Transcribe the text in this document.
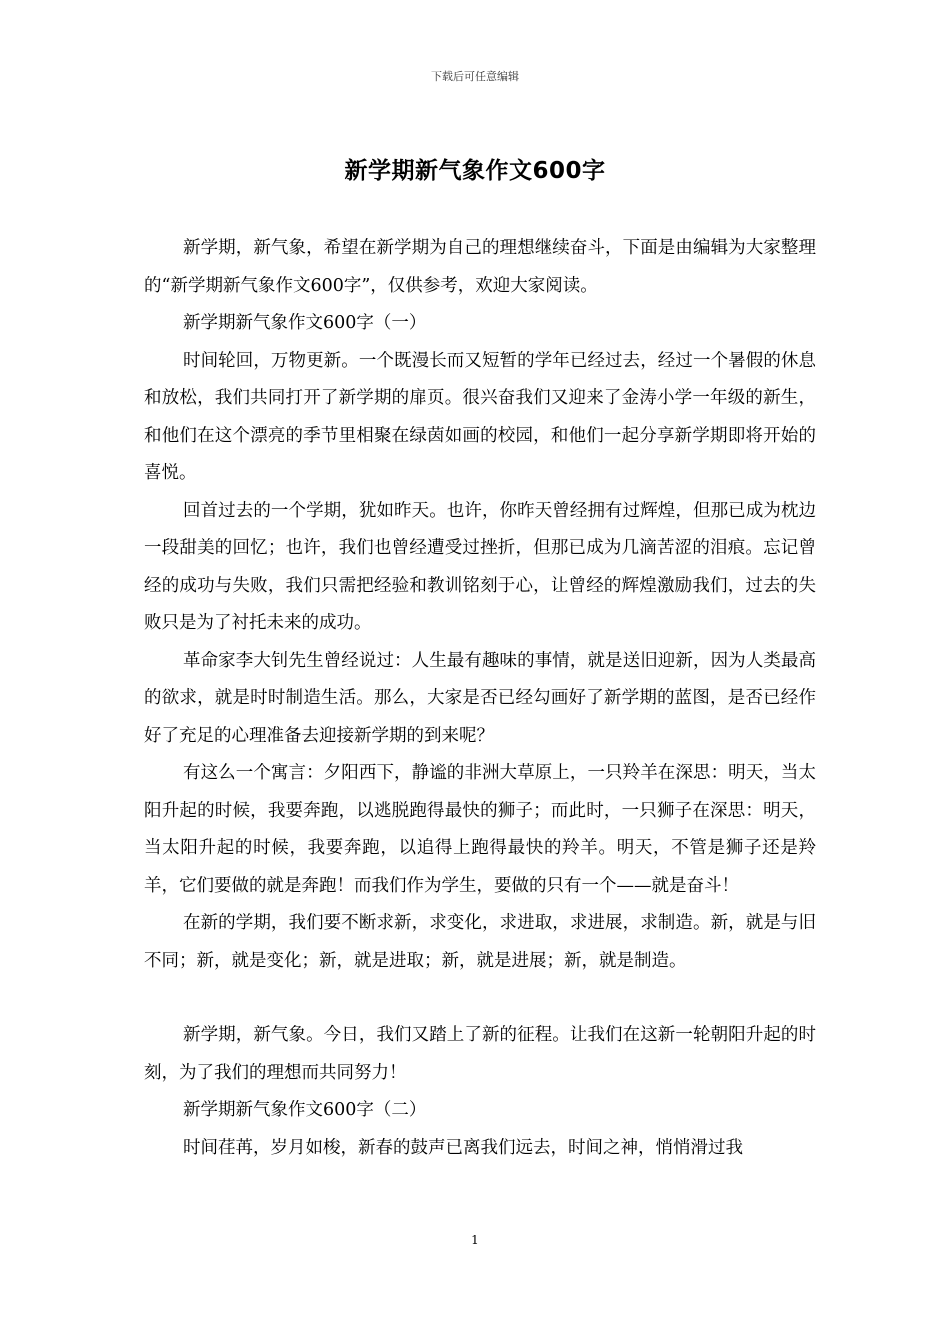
下载后可任意编辑
新学期新气象作文600字

新学期，新气象，希望在新学期为自己的理想继续奋斗，下面是由编辑为大家整理的“新学期新气象作文600字”，仅供参考，欢迎大家阅读。

新学期新气象作文600字（一）

时间轮回，万物更新。一个既漫长而又短暂的学年已经过去，经过一个暑假的休息和放松，我们共同打开了新学期的扉页。很兴奋我们又迎来了金涛小学一年级的新生，和他们在这个漂亮的季节里相聚在绿茵如画的校园，和他们一起分享新学期即将开始的喜悦。

回首过去的一个学期，犹如昨天。也许，你昨天曾经拥有过辉煌，但那已成为枕边一段甜美的回忆；也许，我们也曾经遭受过挫折，但那已成为几滴苦涩的泪痕。忘记曾经的成功与失败，我们只需把经验和教训铭刻于心，让曾经的辉煌激励我们，过去的失败只是为了衬托未来的成功。

革命家李大钊先生曾经说过：人生最有趣味的事情，就是送旧迎新，因为人类最高的欲求，就是时时制造生活。那么，大家是否已经勾画好了新学期的蓝图，是否已经作好了充足的心理准备去迎接新学期的到来呢？

有这么一个寓言：夕阳西下，静谧的非洲大草原上，一只羚羊在深思：明天，当太阳升起的时候，我要奔跑，以逃脱跑得最快的狮子；而此时，一只狮子在深思：明天，当太阳升起的时候，我要奔跑，以追得上跑得最快的羚羊。明天，不管是狮子还是羚羊，它们要做的就是奔跑！而我们作为学生，要做的只有一个——就是奋斗！

在新的学期，我们要不断求新，求变化，求进取，求进展，求制造。新，就是与旧不同；新，就是变化；新，就是进取；新，就是进展；新，就是制造。

新学期，新气象。今日，我们又踏上了新的征程。让我们在这新一轮朝阳升起的时刻，为了我们的理想而共同努力！

新学期新气象作文600字（二）

时间荏苒，岁月如梭，新春的鼓声已离我们远去，时间之神，悄悄滑过我

1
